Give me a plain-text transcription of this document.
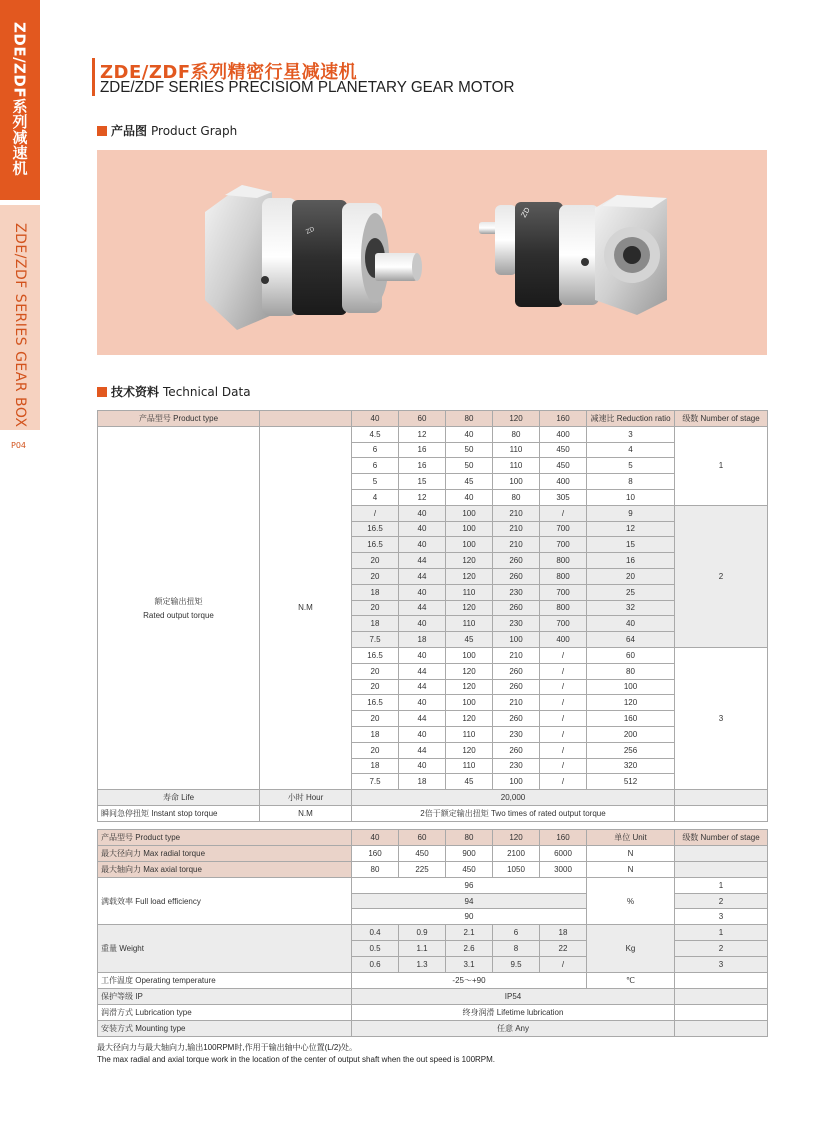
ZDE/ZDF系列减速机
ZDE/ZDF SERIES GEAR BOX
P04
ZDE/ZDF系列精密行星减速机
ZDE/ZDF SERIES PRECISIOM PLANETARY GEAR MOTOR
产品图 Product Graph
ZD
ZD
技术资料 Technical Data
产品型号 Product type		40	60	80	120	160	减速比 Reduction ratio	级数 Number of stage

额定输出扭矩
Rated output torque	N.M	4.5	12	40	80	400	3	1
		6	16	50	110	450	4	
		6	16	50	110	450	5	
		5	15	45	100	400	8	
		4	12	40	80	305	10	
		/	40	100	210	/	9	2
		16.5	40	100	210	700	12	
		16.5	40	100	210	700	15	
		20	44	120	260	800	16	
		20	44	120	260	800	20	
		18	40	110	230	700	25	
		20	44	120	260	800	32	
		18	40	110	230	700	40	
		7.5	18	45	100	400	64	
		16.5	40	100	210	/	60	3
		20	44	120	260	/	80	
		20	44	120	260	/	100	
		16.5	40	100	210	/	120	
		20	44	120	260	/	160	
		18	40	110	230	/	200	
		20	44	120	260	/	256	
		18	40	110	230	/	320	
		7.5	18	45	100	/	512	
寿命 Life	小时 Hour	20,000						
瞬间急停扭矩 Instant stop torque	N.M	2倍于额定输出扭矩 Two times of rated output torque						
产品型号 Product type	40	60	80	120	160	单位 Unit	级数 Number of stage
最大径向力 Max radial torque	160	450	900	2100	6000	N	
最大轴向力 Max axial torque	80	225	450	1050	3000	N	
满载效率 Full load efficiency	96					%	1
	94						2
	90						3
重量 Weight	0.4	0.9	2.1	6	18	Kg	1
	0.5	1.1	2.6	8	22		2
	0.6	1.3	3.1	9.5	/		3
工作温度 Operating temperature	-25～+90					℃	
保护等级 IP	IP54						
润滑方式 Lubrication type	终身润滑 Lifetime lubrication						
安装方式 Mounting type	任意 Any						
最大径向力与最大轴向力,输出100RPM时,作用于输出轴中心位置(L/2)处。
The max radial and axial torque work in the location of the center of output shaft when the out speed is 100RPM.
